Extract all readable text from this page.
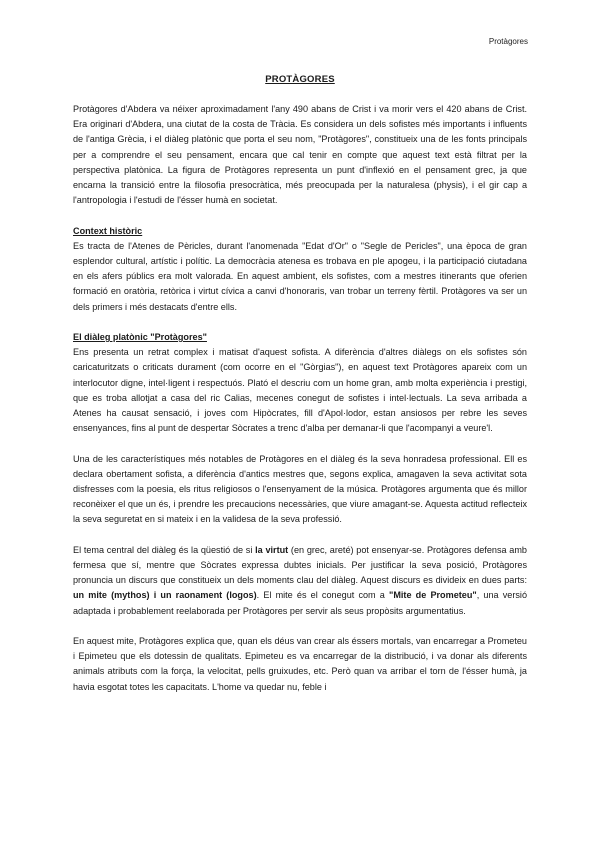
Protàgores
PROTÀGORES

Protàgores d'Abdera va néixer aproximadament l'any 490 abans de Crist i va morir vers el 420 abans de Crist. Era originari d'Abdera, una ciutat de la costa de Tràcia. Es considera un dels sofistes més importants i influents de l'antiga Grècia, i el diàleg platònic que porta el seu nom, "Protàgores", constitueix una de les fonts principals per a comprendre el seu pensament, encara que cal tenir en compte que aquest text està filtrat per la perspectiva platònica. La figura de Protàgores representa un punt d'inflexió en el pensament grec, ja que encarna la transició entre la filosofia presocràtica, més preocupada per la naturalesa (physis), i el gir cap a l'antropologia i l'estudi de l'ésser humà en societat.

Context històric

Es tracta de l'Atenes de Pèricles, durant l'anomenada "Edat d'Or" o "Segle de Pericles", una època de gran esplendor cultural, artístic i polític. La democràcia atenesa es trobava en ple apogeu, i la participació ciutadana en els afers públics era molt valorada. En aquest ambient, els sofistes, com a mestres itinerants que oferien formació en oratòria, retòrica i virtut cívica a canvi d'honoraris, van trobar un terreny fèrtil. Protàgores va ser un dels primers i més destacats d'entre ells.

El diàleg platònic "Protàgores"

Ens presenta un retrat complex i matisat d'aquest sofista. A diferència d'altres diàlegs on els sofistes són caricaturitzats o criticats durament (com ocorre en el "Gòrgias"), en aquest text Protàgores apareix com un interlocutor digne, intel·ligent i respectuós. Plató el descriu com un home gran, amb molta experiència i prestigi, que es troba allotjat a casa del ric Calias, mecenes conegut de sofistes i intel·lectuals. La seva arribada a Atenes ha causat sensació, i joves com Hipòcrates, fill d'Apol·lodor, estan ansiosos per rebre les seves ensenyances, fins al punt de despertar Sòcrates a trenc d'alba per demanar-li que l'acompanyi a veure'l.

Una de les característiques més notables de Protàgores en el diàleg és la seva honradesa professional. Ell es declara obertament sofista, a diferència d'antics mestres que, segons explica, amagaven la seva activitat sota disfresses com la poesia, els ritus religiosos o l'ensenyament de la música. Protàgores argumenta que és millor reconèixer el que un és, i prendre les precaucions necessàries, que viure amagant-se. Aquesta actitud reflecteix la seva seguretat en si mateix i en la validesa de la seva professió.

El tema central del diàleg és la qüestió de si la virtut (en grec, areté) pot ensenyar-se. Protàgores defensa amb fermesa que sí, mentre que Sòcrates expressa dubtes inicials. Per justificar la seva posició, Protàgores pronuncia un discurs que constitueix un dels moments clau del diàleg. Aquest discurs es divideix en dues parts: un mite (mythos) i un raonament (logos). El mite és el conegut com a "Mite de Prometeu", una versió adaptada i probablement reelaborada per Protàgores per servir als seus propòsits argumentatius.

En aquest mite, Protàgores explica que, quan els déus van crear als éssers mortals, van encarregar a Prometeu i Epimeteu que els dotessin de qualitats. Epimeteu es va encarregar de la distribució, i va donar als diferents animals atributs com la força, la velocitat, pells gruixudes, etc. Però quan va arribar el torn de l'ésser humà, ja havia esgotat totes les capacitats. L'home va quedar nu, feble i
